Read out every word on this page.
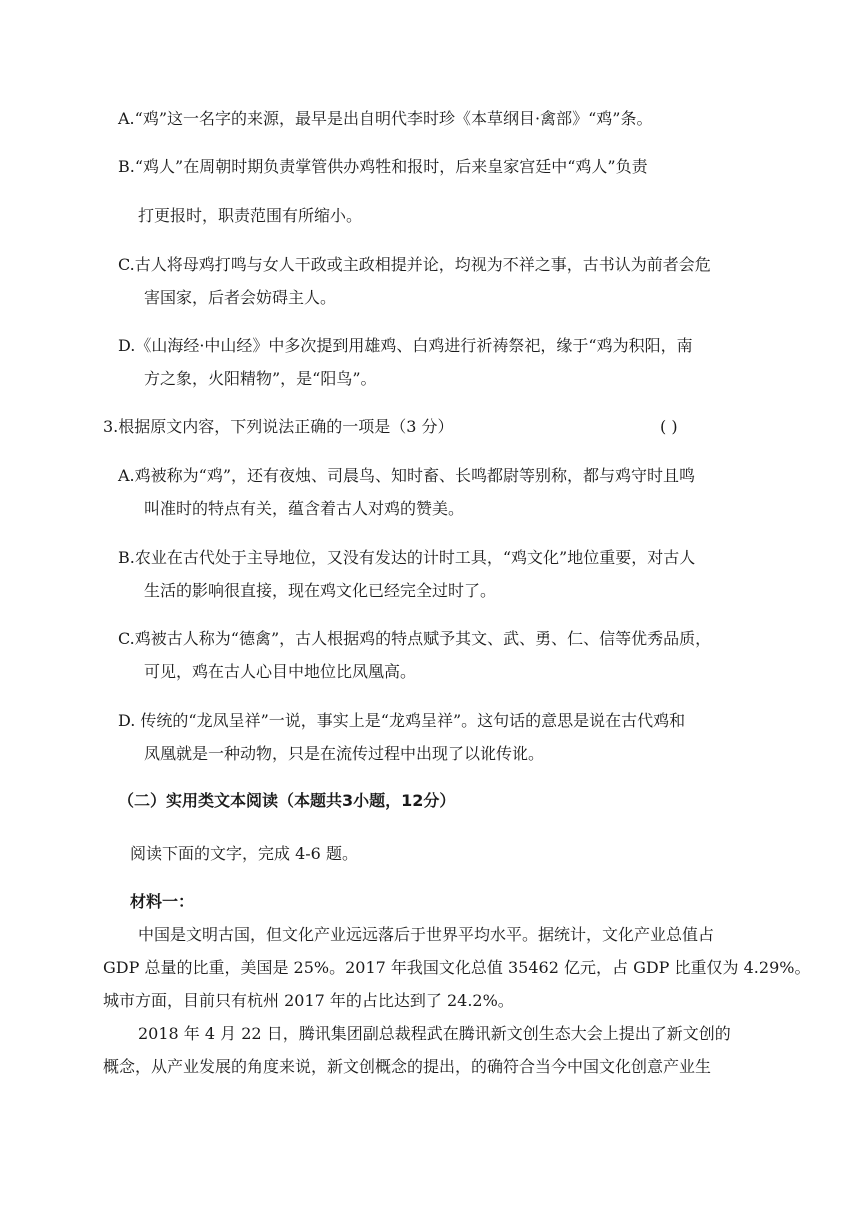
A.“鸡”这一名字的来源，最早是出自明代李时珍《本草纲目·禽部》“鸡”条。
B.“鸡人”在周朝时期负责掌管供办鸡牲和报时，后来皇家宫廷中“鸡人”负责
打更报时，职责范围有所缩小。
C.古人将母鸡打鸣与女人干政或主政相提并论，均视为不祥之事，古书认为前者会危
害国家，后者会妨碍主人。
D.《山海经·中山经》中多次提到用雄鸡、白鸡进行祈祷祭祀，缘于“鸡为积阳，南
方之象，火阳精物”，是“阳鸟”。
3.根据原文内容，下列说法正确的一项是（3 分）	( )
A.鸡被称为“鸡”，还有夜烛、司晨鸟、知时畜、长鸣都尉等别称，都与鸡守时且鸣
叫准时的特点有关，蕴含着古人对鸡的赞美。
B.农业在古代处于主导地位，又没有发达的计时工具，“鸡文化”地位重要，对古人
生活的影响很直接，现在鸡文化已经完全过时了。
C.鸡被古人称为“德禽”，古人根据鸡的特点赋予其文、武、勇、仁、信等优秀品质，
可见，鸡在古人心目中地位比凤凰高。
D. 传统的“龙凤呈祥”一说，事实上是“龙鸡呈祥”。这句话的意思是说在古代鸡和
凤凰就是一种动物，只是在流传过程中出现了以讹传讹。
（二）实用类文本阅读（本题共3小题，12分）
阅读下面的文字，完成 4-6 题。
材料一：
中国是文明古国，但文化产业远远落后于世界平均水平。据统计，文化产业总值占
GDP 总量的比重，美国是 25%。2017 年我国文化总值 35462 亿元，占 GDP 比重仅为 4.29%。
城市方面，目前只有杭州 2017 年的占比达到了 24.2%。
2018 年 4 月 22 日，腾讯集团副总裁程武在腾讯新文创生态大会上提出了新文创的
概念，从产业发展的角度来说，新文创概念的提出，的确符合当今中国文化创意产业生
